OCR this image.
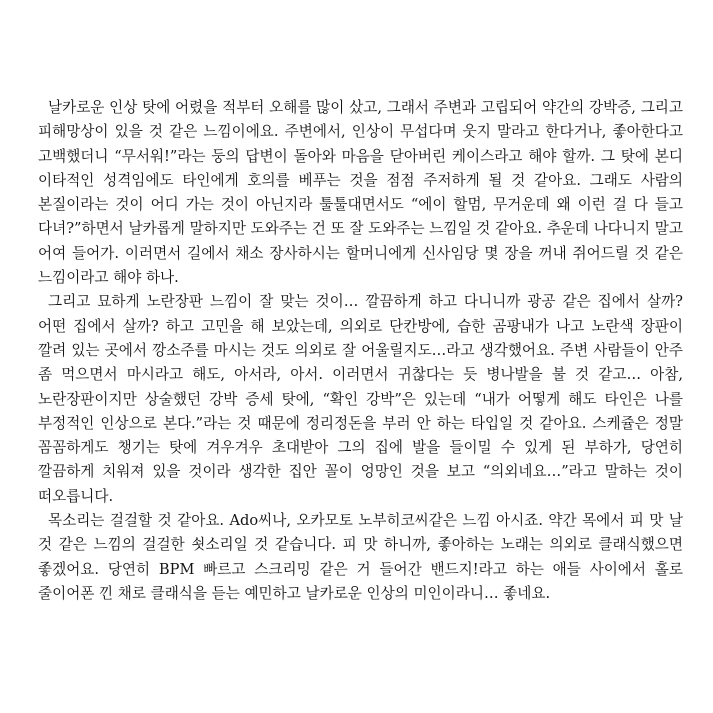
날카로운 인상 탓에 어렸을 적부터 오해를 많이 샀고, 그래서 주변과 고립되어 약간의 강박증, 그리고 피해망상이 있을 것 같은 느낌이에요. 주변에서, 인상이 무섭다며 웃지 말라고 한다거나, 좋아한다고 고백했더니 “무서워!”라는 둥의 답변이 돌아와 마음을 닫아버린 케이스라고 해야 할까. 그 탓에 본디 이타적인 성격임에도 타인에게 호의를 베푸는 것을 점점 주저하게 될 것 같아요. 그래도 사람의 본질이라는 것이 어디 가는 것이 아닌지라 툴툴대면서도 “에이 할멈, 무거운데 왜 이런 걸 다 들고 다녀?”하면서 날카롭게 말하지만 도와주는 건 또 잘 도와주는 느낌일 것 같아요. 추운데 나다니지 말고 어여 들어가. 이러면서 길에서 채소 장사하시는 할머니에게 신사임당 몇 장을 꺼내 쥐어드릴 것 같은 느낌이라고 해야 하나.

그리고 묘하게 노란장판 느낌이 잘 맞는 것이… 깔끔하게 하고 다니니까 광공 같은 집에서 살까? 어떤 집에서 살까? 하고 고민을 해 보았는데, 의외로 단칸방에, 습한 곰팡내가 나고 노란색 장판이 깔려 있는 곳에서 깡소주를 마시는 것도 의외로 잘 어울릴지도…라고 생각했어요. 주변 사람들이 안주 좀 먹으면서 마시라고 해도, 아서라, 아서. 이러면서 귀찮다는 듯 병나발을 불 것 같고… 아참, 노란장판이지만 상술했던 강박 증세 탓에, “확인 강박”은 있는데 “내가 어떻게 해도 타인은 나를 부정적인 인상으로 본다.”라는 것 때문에 정리정돈을 부러 안 하는 타입일 것 같아요. 스케쥴은 정말 꼼꼼하게도 챙기는 탓에 겨우겨우 초대받아 그의 집에 발을 들이밀 수 있게 된 부하가, 당연히 깔끔하게 치워져 있을 것이라 생각한 집안 꼴이 엉망인 것을 보고 “의외네요…”라고 말하는 것이 떠오릅니다.

목소리는 걸걸할 것 같아요. Ado씨나, 오카모토 노부히코씨같은 느낌 아시죠. 약간 목에서 피 맛 날 것 같은 느낌의 걸걸한 쇳소리일 것 같습니다. 피 맛 하니까, 좋아하는 노래는 의외로 클래식했으면 좋겠어요. 당연히 BPM 빠르고 스크리밍 같은 거 들어간 밴드지!라고 하는 애들 사이에서 홀로 줄이어폰 낀 채로 클래식을 듣는 예민하고 날카로운 인상의 미인이라니… 좋네요.
